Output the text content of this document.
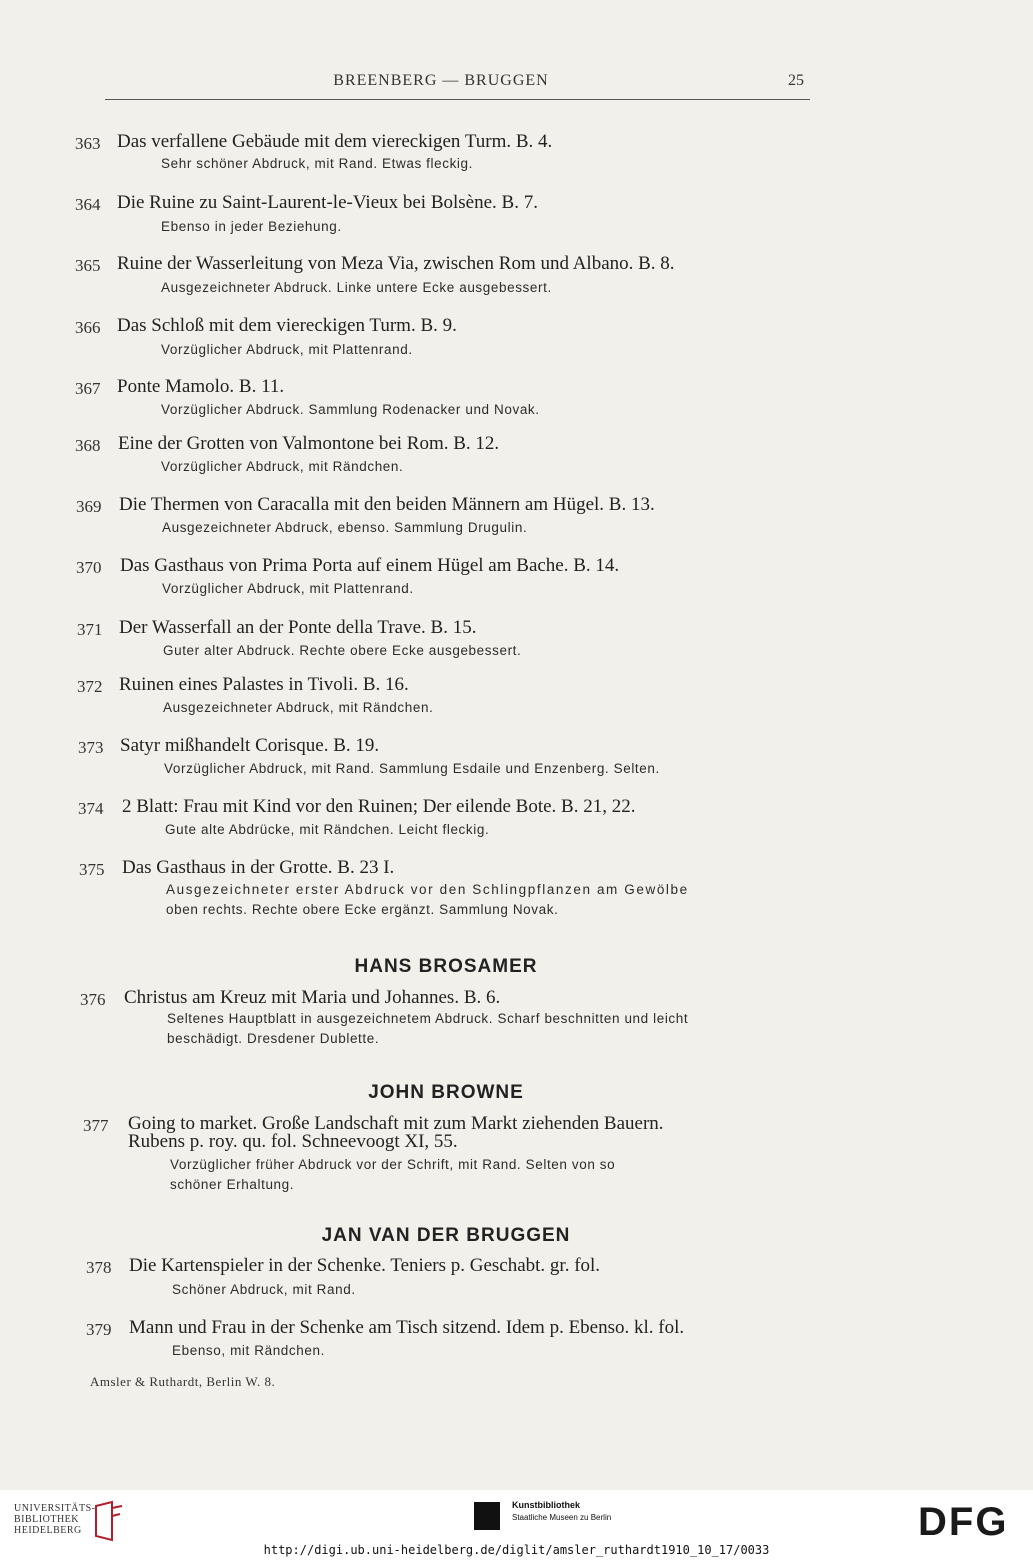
BREENBERG — BRUGGEN	25
363 Das verfallene Gebäude mit dem viereckigen Turm. B. 4.
Sehr schöner Abdruck, mit Rand. Etwas fleckig.
364 Die Ruine zu Saint-Laurent-le-Vieux bei Bolsène. B. 7.
Ebenso in jeder Beziehung.
365 Ruine der Wasserleitung von Meza Via, zwischen Rom und Albano. B. 8.
Ausgezeichneter Abdruck. Linke untere Ecke ausgebessert.
366 Das Schloß mit dem viereckigen Turm. B. 9.
Vorzüglicher Abdruck, mit Plattenrand.
367 Ponte Mamolo. B. 11.
Vorzüglicher Abdruck. Sammlung Rodenacker und Novak.
368 Eine der Grotten von Valmontone bei Rom. B. 12.
Vorzüglicher Abdruck, mit Rändchen.
369 Die Thermen von Caracalla mit den beiden Männern am Hügel. B. 13.
Ausgezeichneter Abdruck, ebenso. Sammlung Drugulin.
370 Das Gasthaus von Prima Porta auf einem Hügel am Bache. B. 14.
Vorzüglicher Abdruck, mit Plattenrand.
371 Der Wasserfall an der Ponte della Trave. B. 15.
Guter alter Abdruck. Rechte obere Ecke ausgebessert.
372 Ruinen eines Palastes in Tivoli. B. 16.
Ausgezeichneter Abdruck, mit Rändchen.
373 Satyr mißhandelt Corisque. B. 19.
Vorzüglicher Abdruck, mit Rand. Sammlung Esdaile und Enzenberg. Selten.
374 2 Blatt: Frau mit Kind vor den Ruinen; Der eilende Bote. B. 21, 22.
Gute alte Abdrücke, mit Rändchen. Leicht fleckig.
375 Das Gasthaus in der Grotte. B. 23 I.
Ausgezeichneter erster Abdruck vor den Schlingpflanzen am Gewölbe
oben rechts. Rechte obere Ecke ergänzt. Sammlung Novak.
HANS BROSAMER
376 Christus am Kreuz mit Maria und Johannes. B. 6.
Seltenes Hauptblatt in ausgezeichnetem Abdruck. Scharf beschnitten und leicht
beschädigt. Dresdener Dublette.
JOHN BROWNE
377 Going to market. Große Landschaft mit zum Markt ziehenden Bauern.
Rubens p. roy. qu. fol. Schneevoogt XI, 55.
Vorzüglicher früher Abdruck vor der Schrift, mit Rand. Selten von so
schöner Erhaltung.
JAN VAN DER BRUGGEN
378 Die Kartenspieler in der Schenke. Teniers p. Geschabt. gr. fol.
Schöner Abdruck, mit Rand.
379 Mann und Frau in der Schenke am Tisch sitzend. Idem p. Ebenso. kl. fol.
Ebenso, mit Rändchen.
Amsler & Ruthardt, Berlin W. 8.
UNIVERSITÄTS-
BIBLIOTHEK
HEIDELBERG
Kunstbibliothek
Staatliche Museen zu Berlin	DFG
http://digi.ub.uni-heidelberg.de/diglit/amsler_ruthardt1910_10_17/0033
